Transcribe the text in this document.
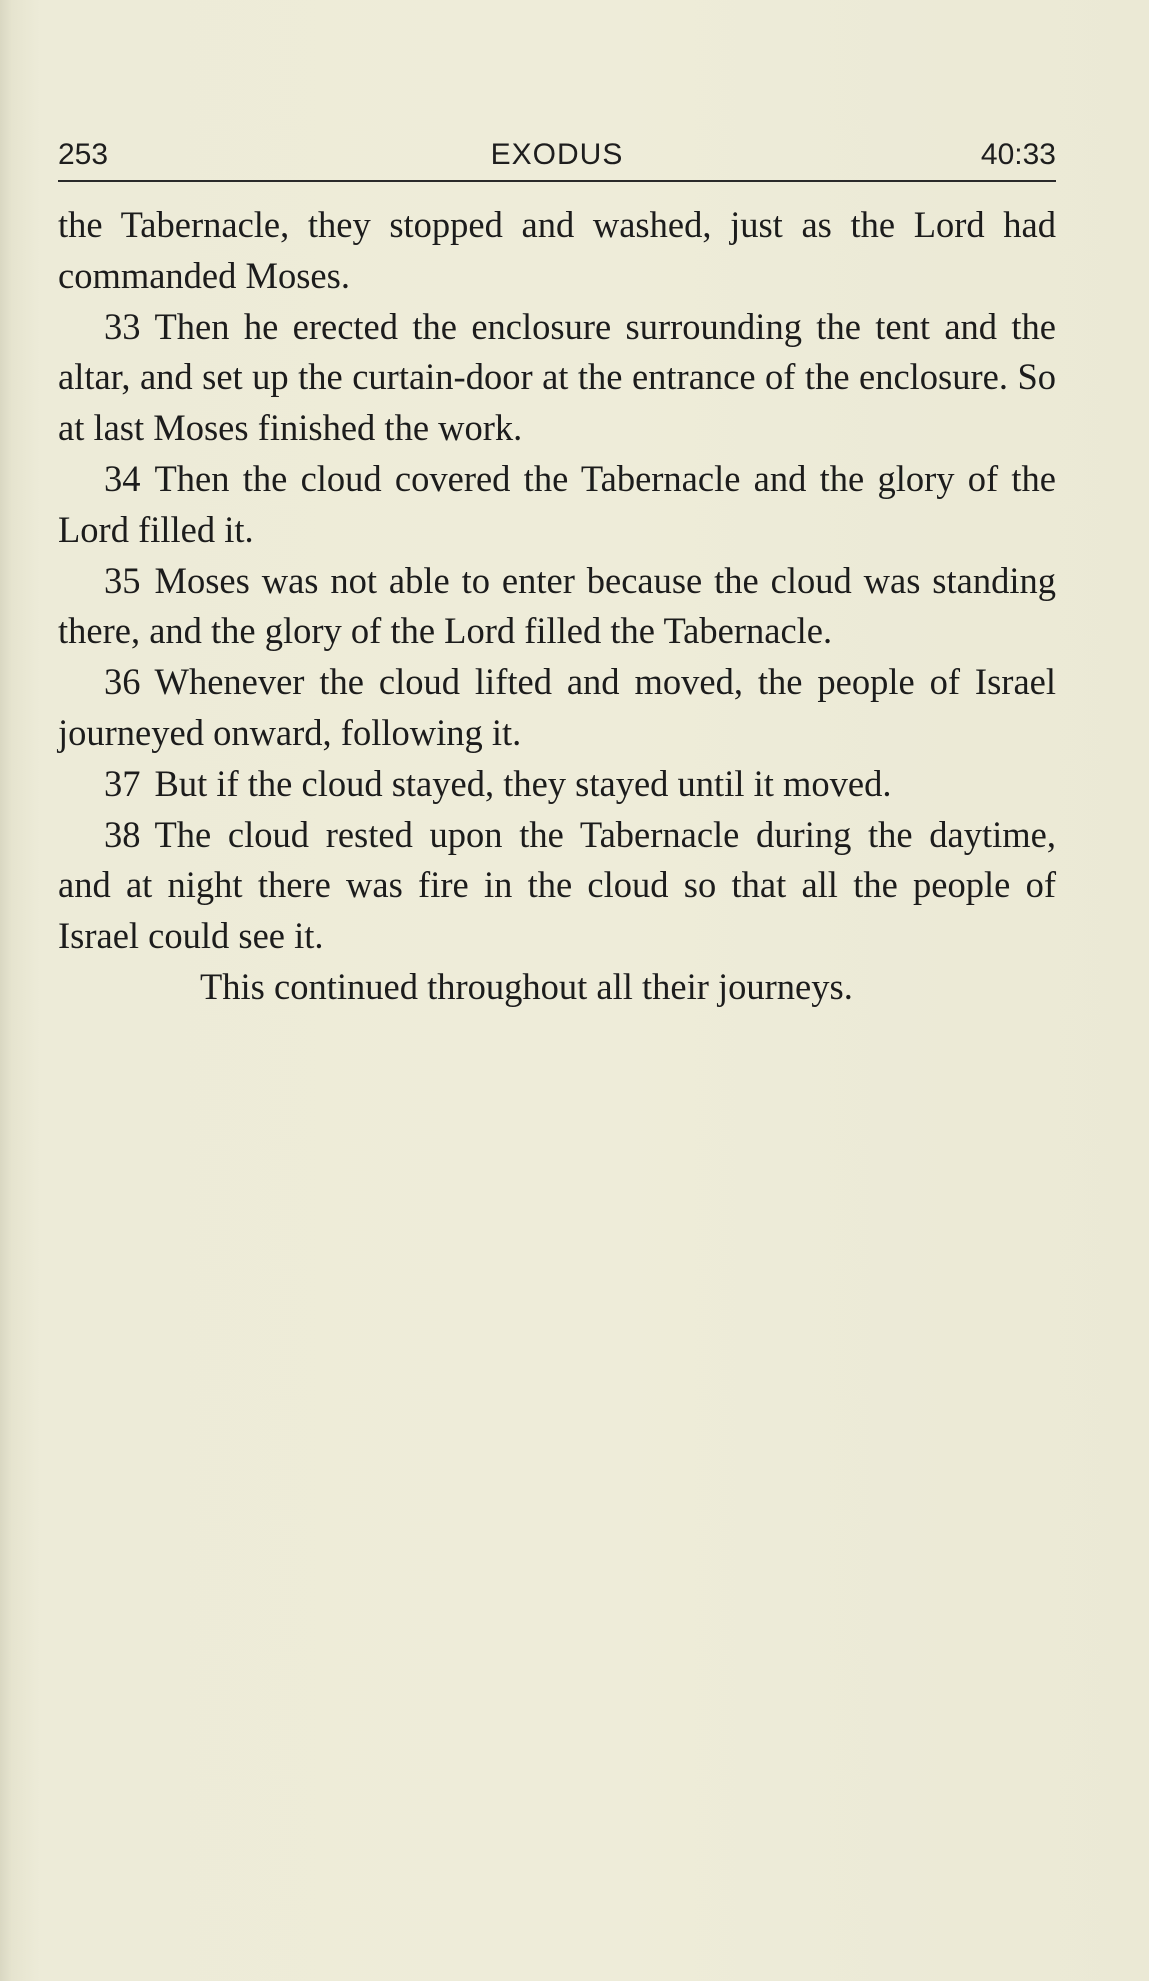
253	EXODUS	40:33

the Tabernacle, they stopped and washed, just as the Lord had commanded Moses.

33 Then he erected the enclosure surrounding the tent and the altar, and set up the curtain-door at the entrance of the enclosure. So at last Moses finished the work.

34 Then the cloud covered the Tabernacle and the glory of the Lord filled it.

35 Moses was not able to enter because the cloud was standing there, and the glory of the Lord filled the Tabernacle.

36 Whenever the cloud lifted and moved, the people of Israel journeyed onward, following it.

37 But if the cloud stayed, they stayed until it moved.

38 The cloud rested upon the Tabernacle during the daytime, and at night there was fire in the cloud so that all the people of Israel could see it.

This continued throughout all their journeys.
